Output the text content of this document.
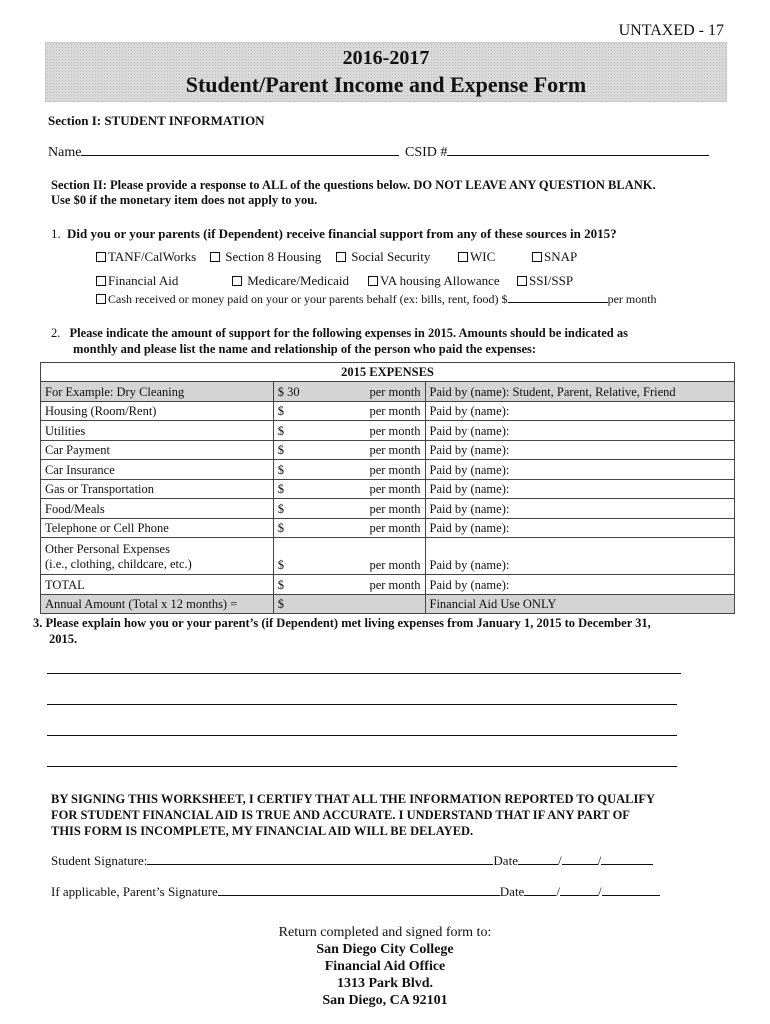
UNTAXED - 17
2016-2017
Student/Parent Income and Expense Form
Section I: STUDENT INFORMATION
Name	CSID #
Section II: Please provide a response to ALL of the questions below. DO NOT LEAVE ANY QUESTION BLANK.
Use $0 if the monetary item does not apply to you.
1. Did you or your parents (if Dependent) receive financial support from any of these sources in 2015?
TANF/CalWorks	Section 8 Housing	Social Security	WIC	SNAP
Financial Aid	Medicare/Medicaid	VA housing Allowance	SSI/SSP
Cash received or money paid on your or your parents behalf (ex: bills, rent, food) $	per month
2. Please indicate the amount of support for the following expenses in 2015. Amounts should be indicated as
monthly and please list the name and relationship of the person who paid the expenses:
2015 EXPENSES			
For Example: Dry Cleaning	$ 30	per month	Paid by (name): Student, Parent, Relative, Friend
Housing (Room/Rent)	$	per month	Paid by (name):
Utilities	$	per month	Paid by (name):
Car Payment	$	per month	Paid by (name):
Car Insurance	$	per month	Paid by (name):
Gas or Transportation	$	per month	Paid by (name):
Food/Meals	$	per month	Paid by (name):
Telephone or Cell Phone	$	per month	Paid by (name):

Other Personal Expenses
(i.e., clothing, childcare, etc.)	$	per month	Paid by (name):
TOTAL	$	per month	Paid by (name):
Annual Amount (Total x 12 months) =	$		Financial Aid Use ONLY
3. Please explain how you or your parent’s (if Dependent) met living expenses from January 1, 2015 to December 31,
2015.
BY SIGNING THIS WORKSHEET, I CERTIFY THAT ALL THE INFORMATION REPORTED TO QUALIFY
FOR STUDENT FINANCIAL AID IS TRUE AND ACCURATE. I UNDERSTAND THAT IF ANY PART OF
THIS FORM IS INCOMPLETE, MY FINANCIAL AID WILL BE DELAYED.
Student Signature:	Date	/	/
If applicable, Parent’s Signature	Date /	/
Return completed and signed form to:
San Diego City College
Financial Aid Office
1313 Park Blvd.
San Diego, CA 92101
